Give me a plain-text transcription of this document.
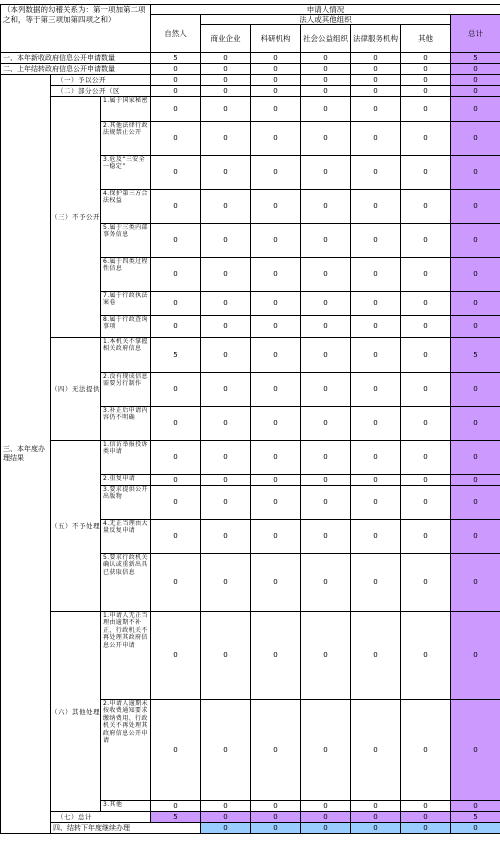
（本列数据的勾稽关系为：第一项加第二项之和，等于第三项加第四项之和）			申请人情况							
			自然人	法人或其他组织					总计	
				商业企业	科研机构	社会公益组织	法律服务机构	其他		
一、本年新收政府信息公开申请数量			5	0	0	0	0	0	5	
二、上年结转政府信息公开申请数量			0	0	0	0	0	0	0	
三、本年度办理结果	（一）予以公开		0	0	0	0	0	0	0	
	（二）部分公开（区		0	0	0	0	0	0	0	
	（三）不予公开	1.属于国家秘密	0	0	0	0	0	0	0	
		2.其他法律行政法规禁止公开	0	0	0	0	0	0	0	
		3.危及“三安全一稳定”	0	0	0	0	0	0	0	
		4.保护第三方合法权益	0	0	0	0	0	0	0	
		5.属于三类内部事务信息	0	0	0	0	0	0	0	
		6.属于四类过程性信息	0	0	0	0	0	0	0	
		7.属于行政执法案卷	0	0	0	0	0	0	0	
		8.属于行政查询事项	0	0	0	0	0	0	0	
	（四）无法提供	1.本机关不掌握相关政府信息	5	0	0	0	0	0	5	
		2.没有现成信息需要另行制作	0	0	0	0	0	0	0	
		3.补正后申请内容仍不明确	0	0	0	0	0	0	0	
	（五）不予处理	1.信访举报投诉类申请	0	0	0	0	0	0	0	
		2.重复申请	0	0	0	0	0	0	0	
		3.要求提供公开出版物	0	0	0	0	0	0	0	
		4.无正当理由大量反复申请	0	0	0	0	0	0	0	
		5.要求行政机关确认或重新出具已获取信息	0	0	0	0	0	0	0	
	（六）其他处理	1.申请人无正当理由逾期不补正、行政机关不再处理其政府信息公开申请	0	0	0	0	0	0	0	
		2.申请人逾期未按收费通知要求缴纳费用、行政机关不再处理其政府信息公开申请	0	0	0	0	0	0	0	
		3.其他	0	0	0	0	0	0	0	
	（七）总计		5	0	0	0	0	0	5	
	四、结转下年度继续办理			0	0	0	0	0	0	
